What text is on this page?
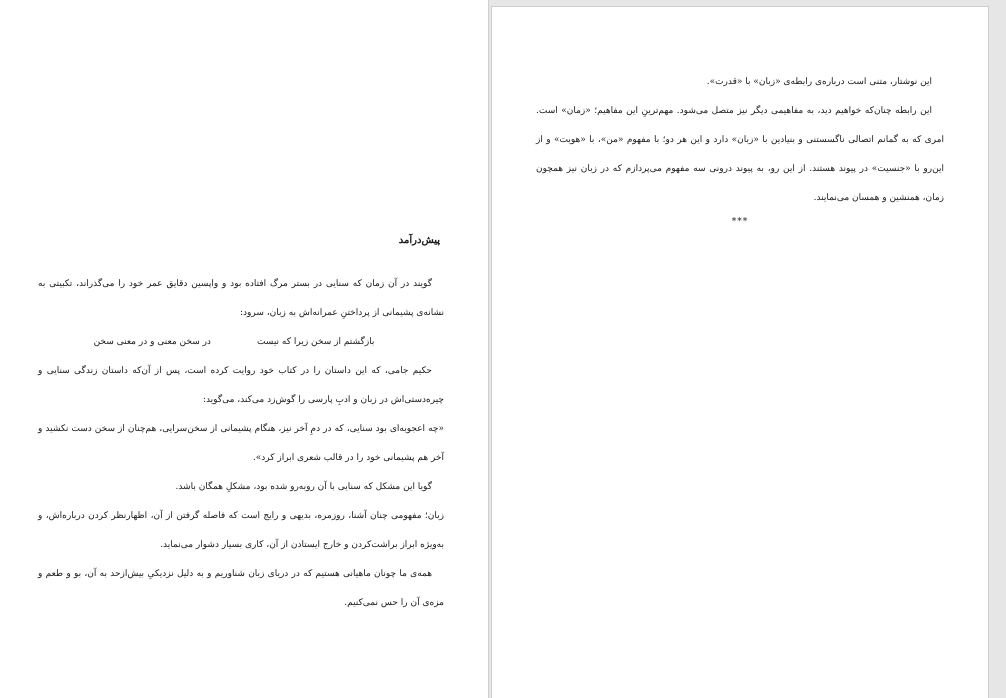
پیش‌درآمد

گویند در آن زمان که سنایی در بستر مرگ افتاده بود و واپسین دقایق عمر خود را می‌گذراند، تکبیتی به نشانه‌ی پشیمانی از پرداختنِ عمرانه‌اش به زبان، سرود:

بازگشتم از سخن زیرا که نیست
در سخن معنی و در معنی سخن

حکیم جامی، که این داستان را در کتاب خود روایت کرده است، پس از آن‌که داستان زندگی سنایی و چیره‌دستی‌اش در زبان و ادبِ پارسی را گوش‌زد می‌کند، می‌گوید:

«چه اعجوبه‌ای بود سنایی، که در دمِ آخر نیز، هنگام پشیمانی از سخن‌سرایی، هم‌چنان از سخن دست نکشید و آخر هم پشیمانی خود را در قالب شعری ابراز کرد».

گویا این مشکل که سنایی با آن روبه‌رو شده بود، مشکلِ همگان باشد.

زبان؛ مفهومی چنان آشنا، روزمره، بدیهی و رایج است که فاصله گرفتن از آن، اظهارنظر کردن درباره‌اش، و به‌ویژه ابراز براشت‌کردن و خارج ایستادن از آن، کاری بسیار دشوار می‌نماید.

همه‌ی ما چونان ماهیانی هستیم که در دریای زبان شناوریم و به دلیل نزدیکیِ بیش‌ازحد به آن، بو و طعم و مزه‌ی آن را حس نمی‌کنیم.

این نوشتار، متنی است درباره‌ی رابطه‌ی «زبان» با «قدرت».

این رابطه چنان‌که خواهیم دید، به مفاهیمی دیگر نیز متصل می‌شود. مهم‌ترینِ این مفاهیم؛ «زمان» است. امری که به گمانم اتصالی ناگسستنی و بنیادین با «زبان» دارد و این هر دو؛ با مفهوم «من»، با «هویت» و از این‌رو با «جنسیت» در پیوند هستند. از این رو، به پیوند درونی سه مفهوم می‌پردازم که در زبان نیز همچون زمان، همنشین و همسان می‌نمایند.

***
